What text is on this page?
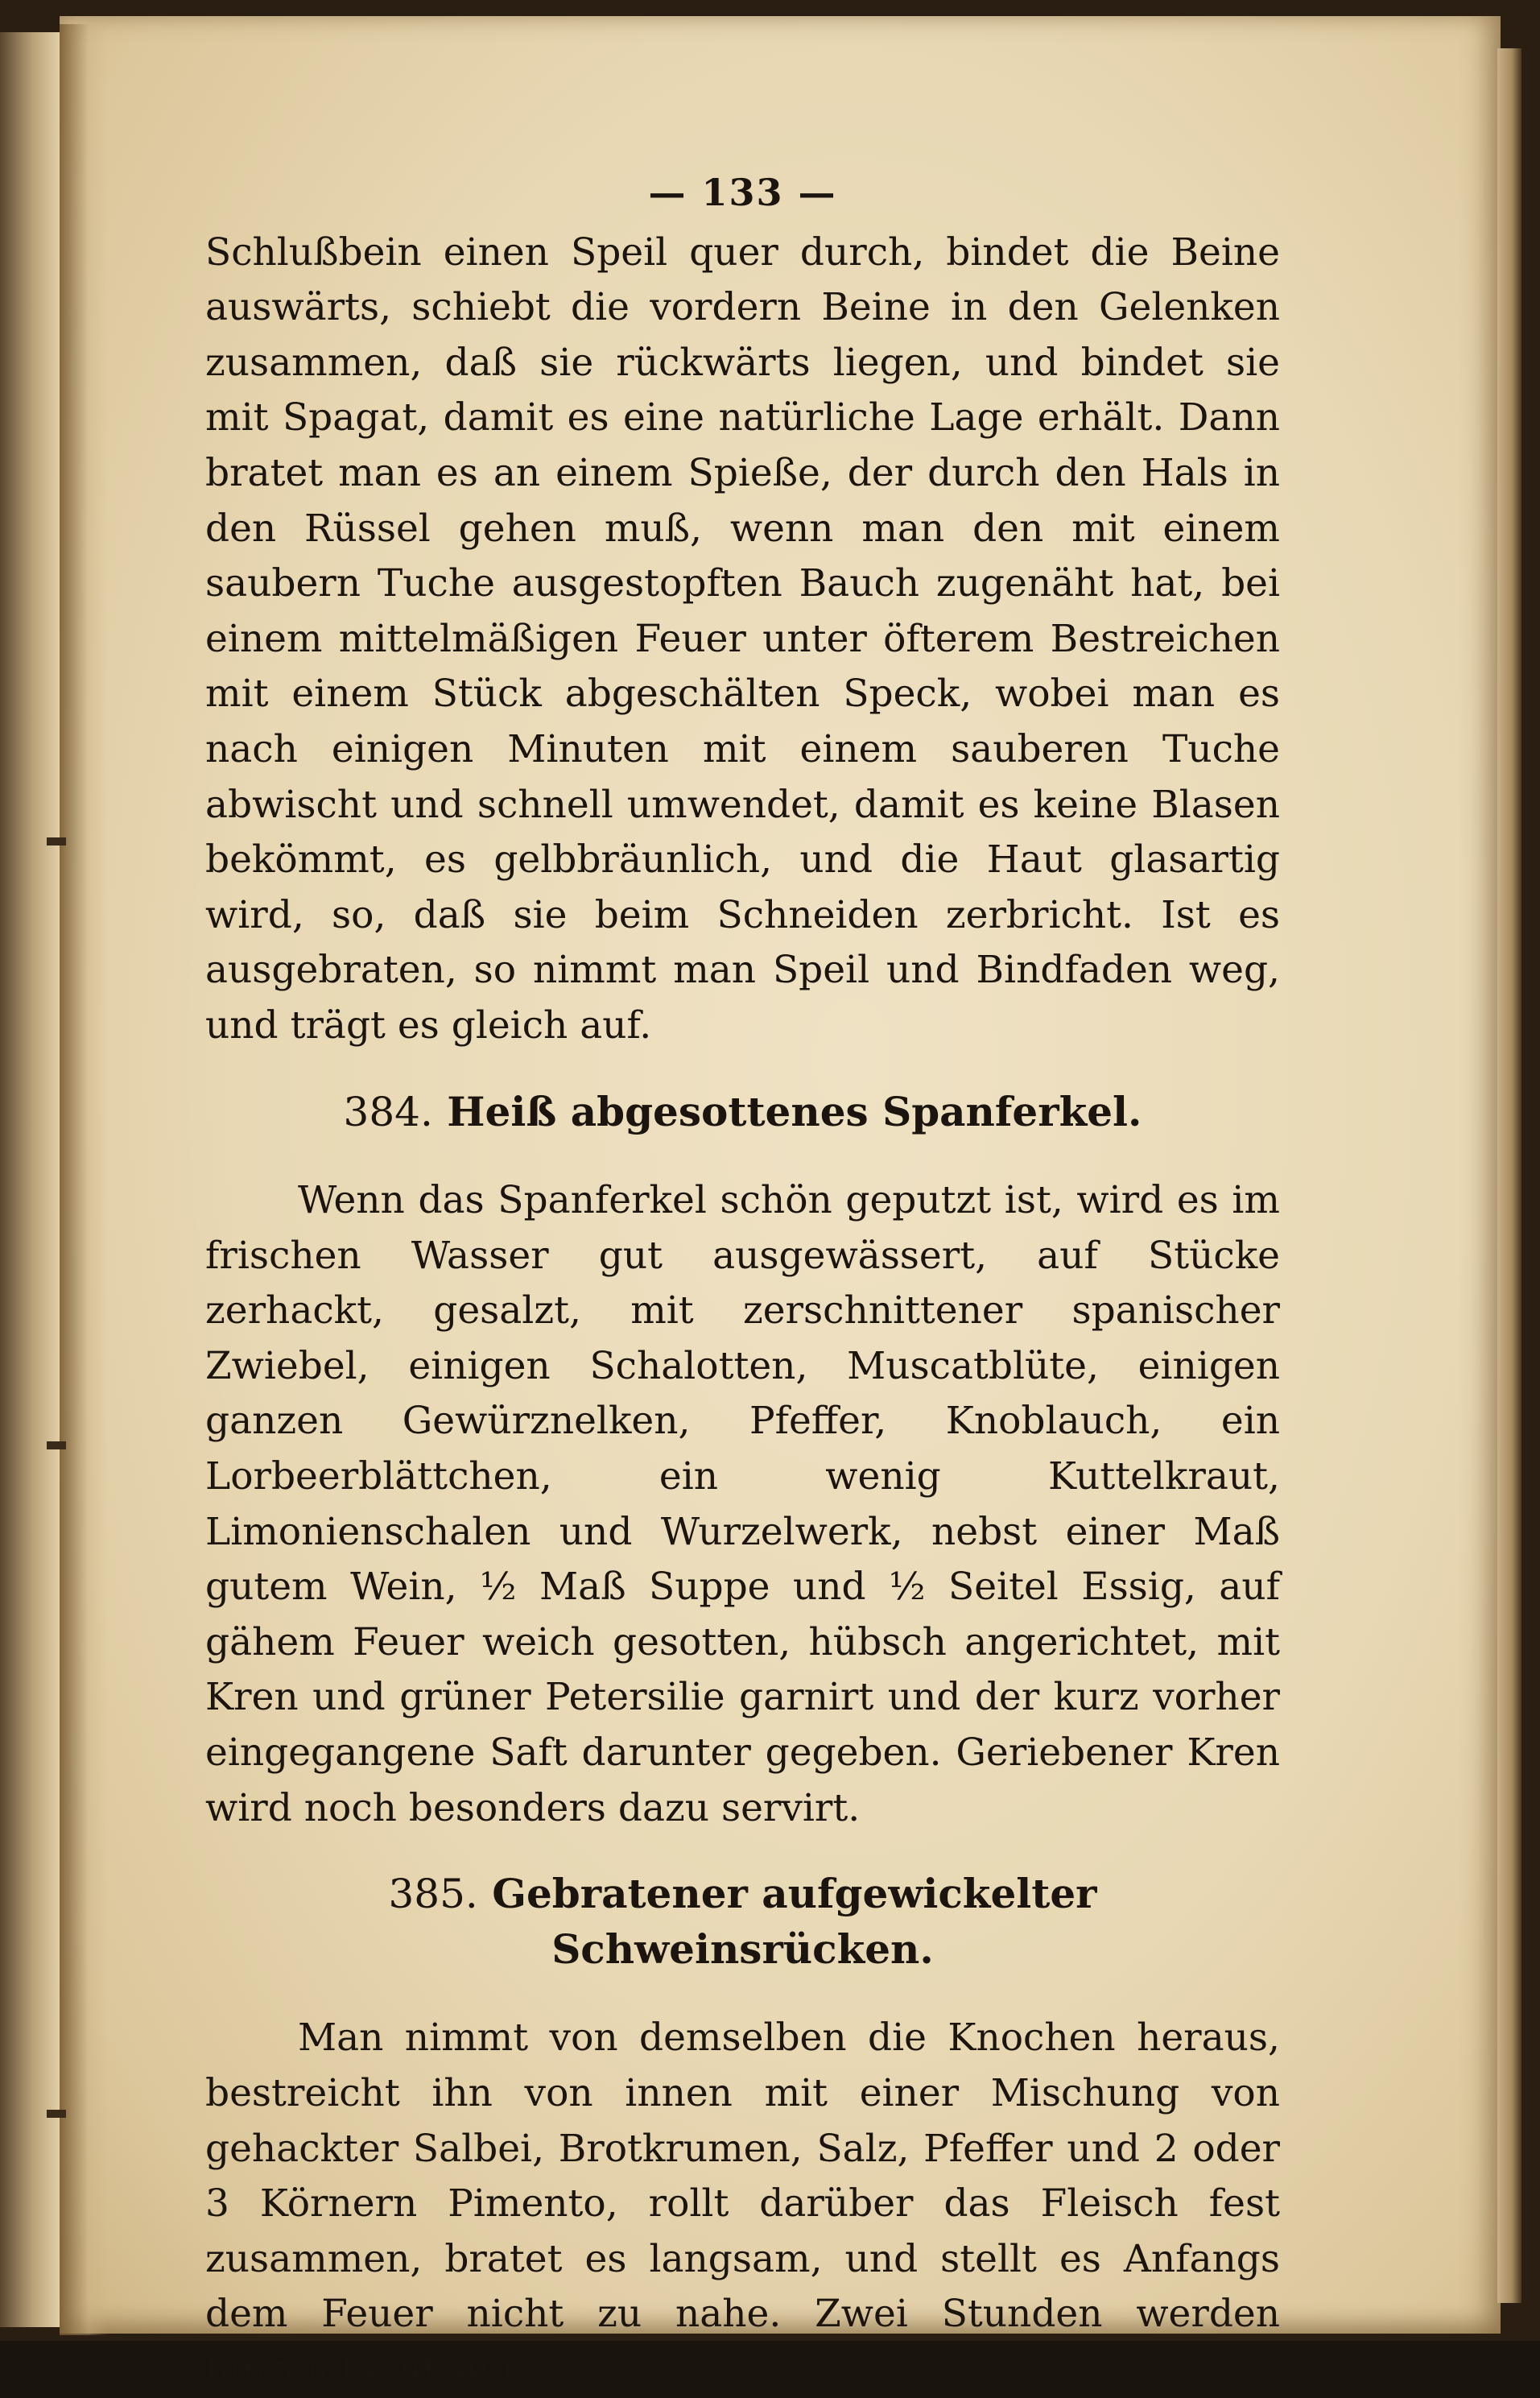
— 133 —

Schlußbein einen Speil quer durch, bindet die Beine auswärts, schiebt die vordern Beine in den Gelenken zusammen, daß sie rückwärts liegen, und bindet sie mit Spagat, damit es eine natürliche Lage erhält. Dann bratet man es an einem Spieße, der durch den Hals in den Rüssel gehen muß, wenn man den mit einem saubern Tuche ausgestopften Bauch zugenäht hat, bei einem mittelmäßigen Feuer unter öfterem Bestreichen mit einem Stück abgeschälten Speck, wobei man es nach einigen Minuten mit einem sauberen Tuche abwischt und schnell umwendet, damit es keine Blasen bekömmt, es gelbbräunlich, und die Haut glasartig wird, so, daß sie beim Schneiden zerbricht. Ist es ausgebraten, so nimmt man Speil und Bindfaden weg, und trägt es gleich auf.

384. Heiß abgesottenes Spanferkel.

Wenn das Spanferkel schön geputzt ist, wird es im frischen Wasser gut ausgewässert, auf Stücke zerhackt, gesalzt, mit zerschnittener spanischer Zwiebel, einigen Schalotten, Muscatblüte, einigen ganzen Gewürznelken, Pfeffer, Knoblauch, ein Lorbeerblättchen, ein wenig Kuttelkraut, Limonienschalen und Wurzelwerk, nebst einer Maß gutem Wein, ½ Maß Suppe und ½ Seitel Essig, auf gähem Feuer weich gesotten, hübsch angerichtet, mit Kren und grüner Petersilie garnirt und der kurz vorher eingegangene Saft darunter gegeben. Geriebener Kren wird noch besonders dazu servirt.

385. Gebratener aufgewickelter Schweinsrücken.

Man nimmt von demselben die Knochen heraus, bestreicht ihn von innen mit einer Mischung von gehackter Salbei, Brotkrumen, Salz, Pfeffer und 2 oder 3 Körnern Pimento, rollt darüber das Fleisch fest zusammen, bratet es langsam, und stellt es Anfangs dem Feuer nicht zu nahe. Zwei Stunden werden hinreichend sein.
